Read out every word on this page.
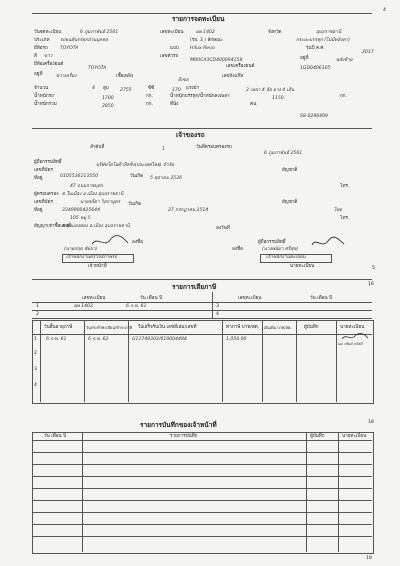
4
รายการจดทะเบียน
วันจดทะเบียน	6 ภูมภาพันธ์ 2561	เลขทะเบียน	ผษ 1402	จังหวัด	อุบลราชธานี
ประเภท รถยนต์บรรทุกส่วนบุคคล	(รย. 3 ) ลักษณะ	กระบะบรรทุก (ไม่มีหลังคา)
ยี่ห้อรถ	TOYOTA	แบบ Hilux Revo	รุ่นปี ค.ศ.
2017
สี ขาว	เลขตัวรถ
MR0CA3CD400094158	อยู่ที่	หลังซ้าย
ยี่ห้อเครื่องยนต์
TOYOTA	เลขเครื่องยนต์	1GD0406105
อยู่ที่	ขวาเครื่อง	เชื้อเพลิง
ดีเซล
เลขถังแก๊ส
จำนวน	4 สูบ 2755	ซีซี	170 แรงม้า	2 เพลา 4 ล้อ ยาง 4 เส้น
น้ำหนักรถ	1700	กก.	น้ำหนักบรรทุก/น้ำหนักลงเพลา	1150	กก.
น้ำหนักรวม	2850	กก.	ที่นั่ง	คน
S8-0286409
เจ้าของรถ
ลำดับที่	1	วันที่ครอบครองรถ
6 ภูมภาพันธ์ 2561
ผู้ถือกรรมสิทธิ์
บริษัทโตโยต้าลีสซิ่ง(ประเทศไทย) จำกัด
สัญชาติ
เลขที่บัตร
0105536113550	วันเกิด 5 ตุลาคม 2536
ที่อยู่
47 ถนนราชบุตร	โทร.
ต.ในเมือง อ.เมือง อุบลราชธานี
ผู้ครอบครอง
นายชรีดา วิสกาบูตร	สัญชาติ
เลขที่บัตร
3349900425644
วันเกิด
27 กรกฎาคม 2514	ไทย
ที่อยู่
105 หมู่ 5	โทร.
ต.ทุ่งแสงทอง อ.เมือง อุบลราชธานี
สัญญาเช่าซื้อเลขที่	ลงวันที่
ลงชื่อ
(นายกฤต ชัยลา)
เจ้าพนักงานตรวจสภาพรถ
เจ้าหน้าที่
ผู้ถือกรรมสิทธิ์
ลงชื่อ	(นางพนิดา ศรีสุข)
เจ้าพนักงานทะเบียน
นายทะเบียน	5
16
รายการเสียภาษี
เลขทะเบียน	วัน เดือน ปี	เลขทะเบียน	วัน เดือน ปี
1	ผษ 1402	6 ก.พ. 61
2
3
4
วันสิ้นอายุภาษี	วันกระทำทะเบียน/ชำระภาษี ใบเสร็จรับเงิน เลขที่เล่ม/เลขที่	ค่าภาษี บาท/สต. เงินเพิ่ม บาท/สต.	ผู้บันทึก	นายทะเบียน
1 6 ก.พ. 61	6 ก.พ. 62	G11749302/610004484	1,050.00
ผอ.วสันต์ สวัสดี
2
3
4
18
รายการบันทึกของเจ้าหน้าที่
วัน เดือน ปี	รายการบันทึก	ผู้บันทึก	นายทะเบียน
19
